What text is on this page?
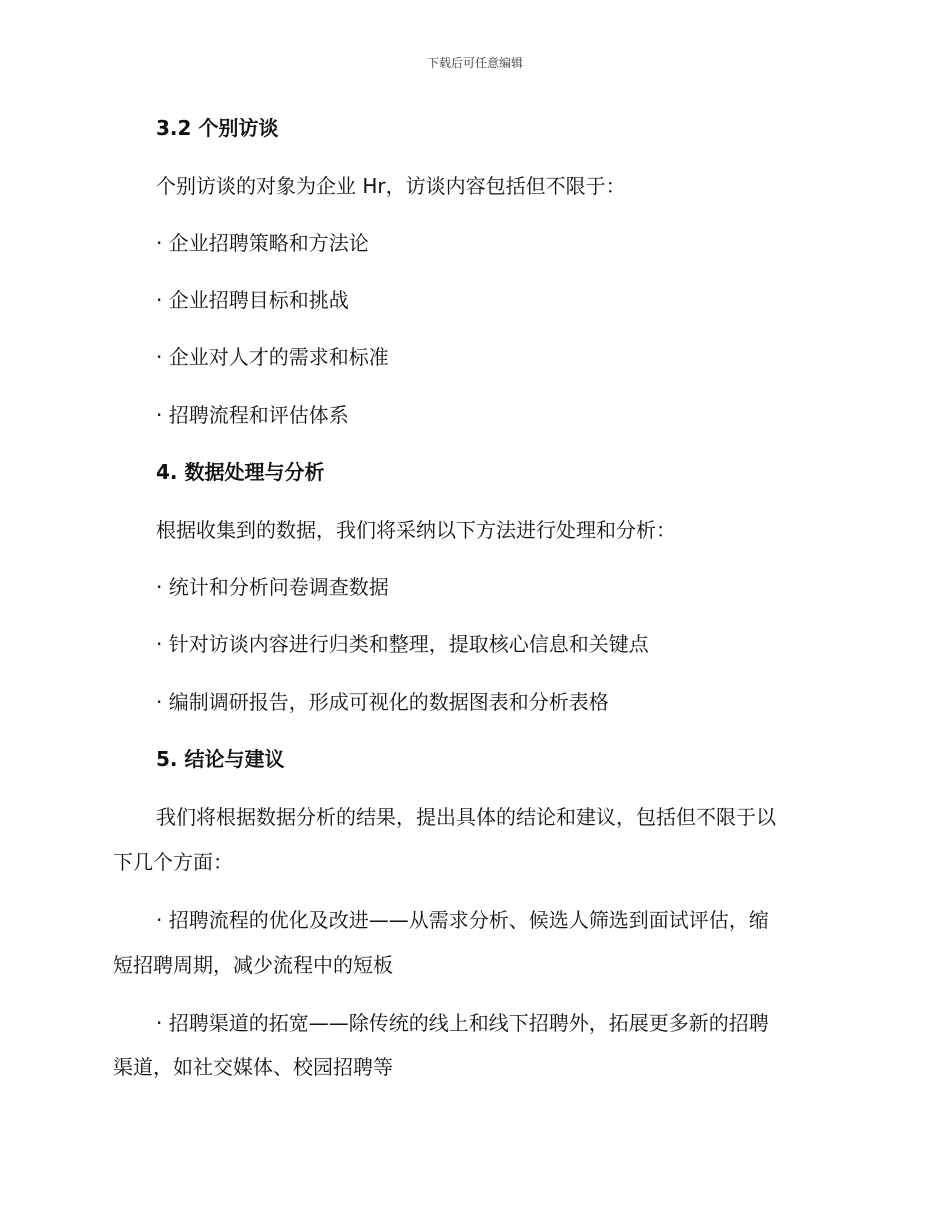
下载后可任意编辑
3.2 个别访谈
个别访谈的对象为企业 Hr，访谈内容包括但不限于：
· 企业招聘策略和方法论
· 企业招聘目标和挑战
· 企业对人才的需求和标准
· 招聘流程和评估体系
4. 数据处理与分析
根据收集到的数据，我们将采纳以下方法进行处理和分析：
· 统计和分析问卷调查数据
· 针对访谈内容进行归类和整理，提取核心信息和关键点
· 编制调研报告，形成可视化的数据图表和分析表格
5. 结论与建议
我们将根据数据分析的结果，提出具体的结论和建议，包括但不限于以
下几个方面：
· 招聘流程的优化及改进——从需求分析、候选人筛选到面试评估，缩
短招聘周期，减少流程中的短板
· 招聘渠道的拓宽——除传统的线上和线下招聘外，拓展更多新的招聘
渠道，如社交媒体、校园招聘等
